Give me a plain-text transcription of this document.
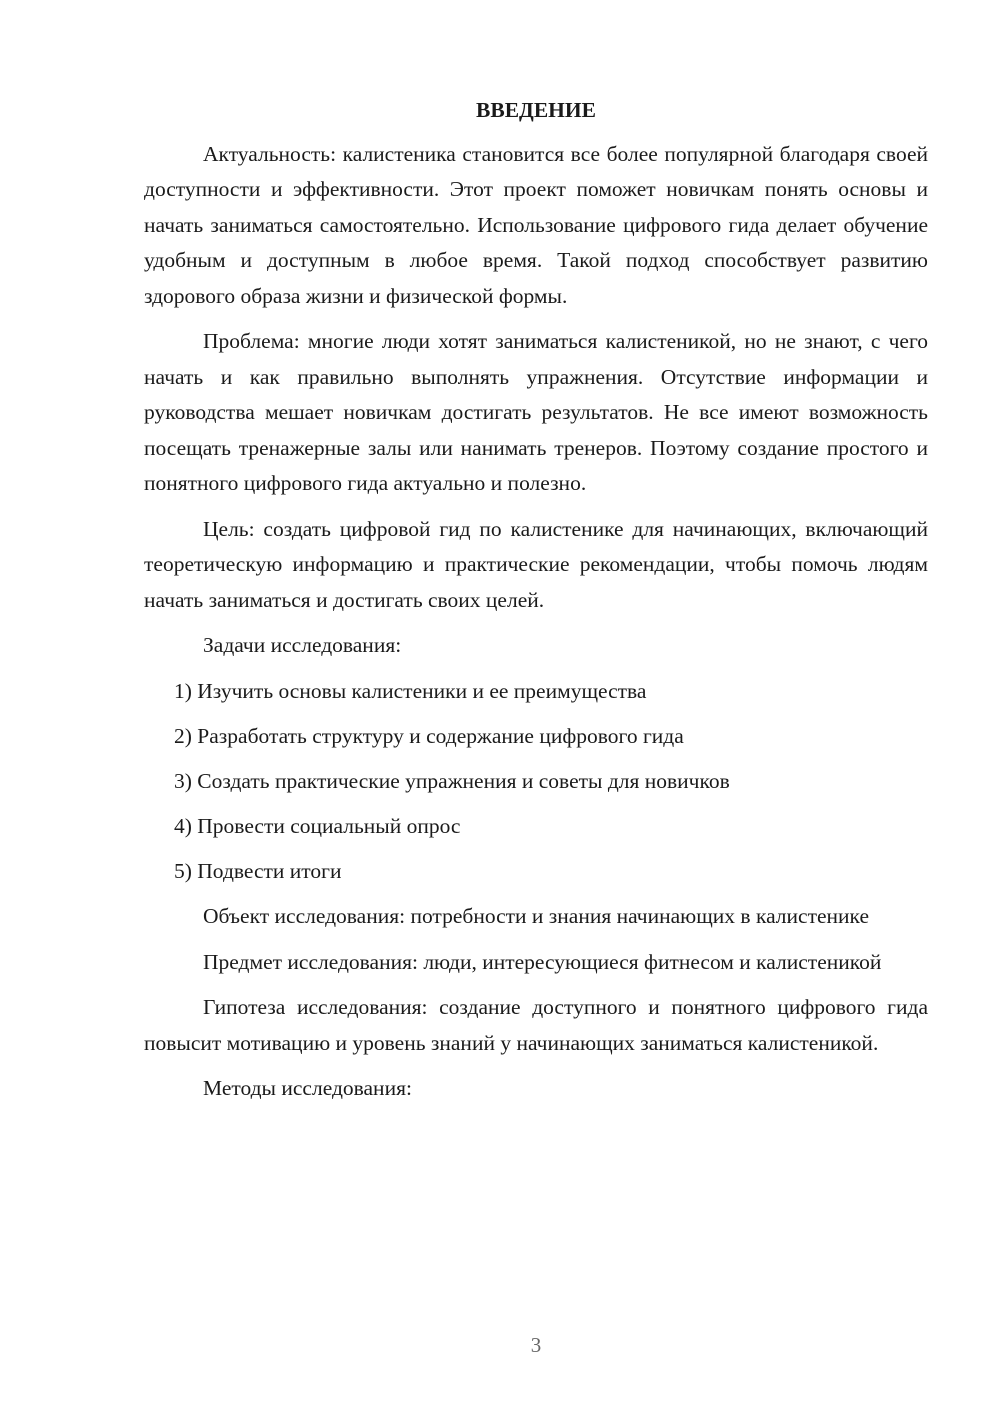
ВВЕДЕНИЕ

Актуальность: калистеника становится все более популярной благодаря своей доступности и эффективности. Этот проект поможет новичкам понять основы и начать заниматься самостоятельно. Использование цифрового гида делает обучение удобным и доступным в любое время. Такой подход способствует развитию здорового образа жизни и физической формы.

Проблема: многие люди хотят заниматься калистеникой, но не знают, с чего начать и как правильно выполнять упражнения. Отсутствие информации и руководства мешает новичкам достигать результатов. Не все имеют возможность посещать тренажерные залы или нанимать тренеров. Поэтому создание простого и понятного цифрового гида актуально и полезно.

Цель: создать цифровой гид по калистенике для начинающих, включающий теоретическую информацию и практические рекомендации, чтобы помочь людям начать заниматься и достигать своих целей.

Задачи исследования:

1) Изучить основы калистеники и ее преимущества
2) Разработать структуру и содержание цифрового гида
3) Создать практические упражнения и советы для новичков
4) Провести социальный опрос
5) Подвести итоги

Объект исследования: потребности и знания начинающих в калистенике

Предмет исследования: люди, интересующиеся фитнесом и калистеникой

Гипотеза исследования: создание доступного и понятного цифрового гида повысит мотивацию и уровень знаний у начинающих заниматься калистеникой.

Методы исследования:

3
